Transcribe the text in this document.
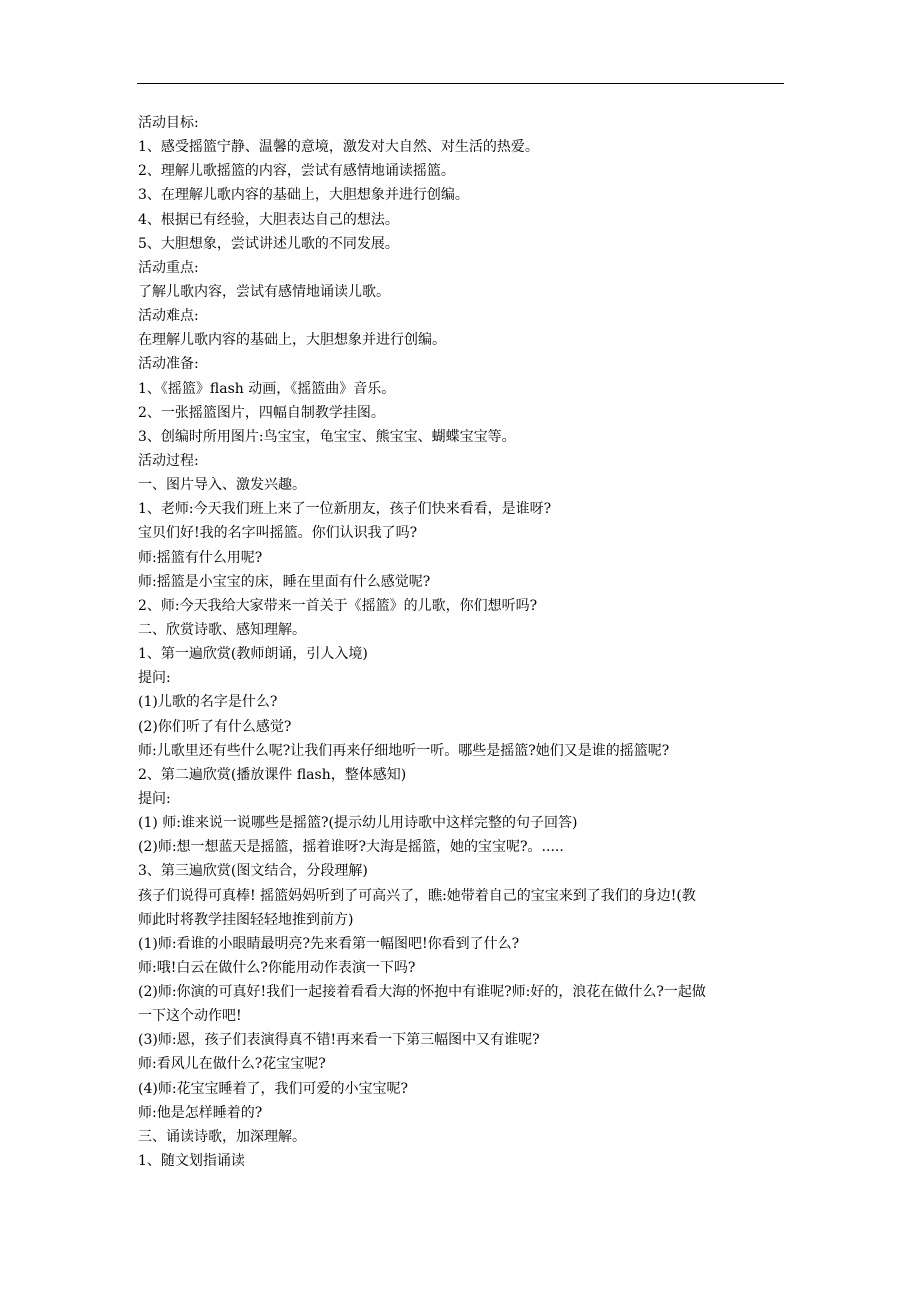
活动目标:
1、感受摇篮宁静、温馨的意境，激发对大自然、对生活的热爱。
2、理解儿歌摇篮的内容，尝试有感情地诵读摇篮。
3、在理解儿歌内容的基础上，大胆想象并进行创编。
4、根据已有经验，大胆表达自己的想法。
5、大胆想象，尝试讲述儿歌的不同发展。
活动重点:
了解儿歌内容，尝试有感情地诵读儿歌。
活动难点:
在理解儿歌内容的基础上，大胆想象并进行创编。
活动准备:
1、《摇篮》flash 动画，《摇篮曲》音乐。
2、一张摇篮图片，四幅自制教学挂图。
3、创编时所用图片:鸟宝宝，龟宝宝、熊宝宝、蝴蝶宝宝等。
活动过程:
一、图片导入、激发兴趣。
1、老师:今天我们班上来了一位新朋友，孩子们快来看看，是谁呀?
宝贝们好!我的名字叫摇篮。你们认识我了吗?
师:摇篮有什么用呢?
师:摇篮是小宝宝的床，睡在里面有什么感觉呢?
2、师:今天我给大家带来一首关于《摇篮》的儿歌，你们想听吗?
二、欣赏诗歌、感知理解。
1、第一遍欣赏(教师朗诵，引人入境)
提问:
(1)儿歌的名字是什么?
(2)你们听了有什么感觉?
师:儿歌里还有些什么呢?让我们再来仔细地听一听。哪些是摇篮?她们又是谁的摇篮呢?
2、第二遍欣赏(播放课件 flash，整体感知)
提问:
(1) 师:谁来说一说哪些是摇篮?(提示幼儿用诗歌中这样完整的句子回答)
(2)师:想一想蓝天是摇篮，摇着谁呀?大海是摇篮，她的宝宝呢?。.....
3、第三遍欣赏(图文结合，分段理解)
孩子们说得可真棒! 摇篮妈妈听到了可高兴了，瞧:她带着自己的宝宝来到了我们的身边!(教
师此时将教学挂图轻轻地推到前方)
(1)师:看谁的小眼睛最明亮?先来看第一幅图吧!你看到了什么?
师:哦!白云在做什么?你能用动作表演一下吗?
(2)师:你演的可真好!我们一起接着看看大海的怀抱中有谁呢?师:好的，浪花在做什么?一起做
一下这个动作吧!
(3)师:恩，孩子们表演得真不错!再来看一下第三幅图中又有谁呢?
师:看风儿在做什么?花宝宝呢?
(4)师:花宝宝睡着了，我们可爱的小宝宝呢?
师:他是怎样睡着的?
三、诵读诗歌，加深理解。
1、随文划指诵读
